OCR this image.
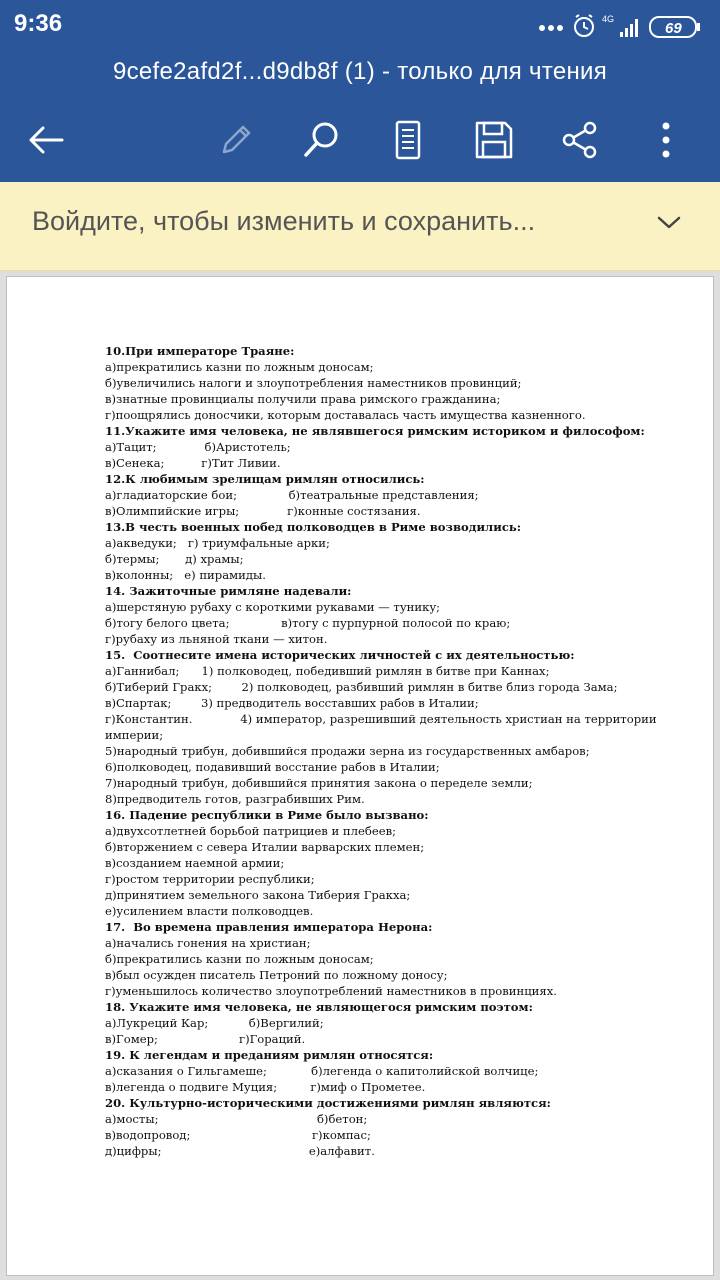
9:36	4G
69
9cefe2afd2f...d9db8f (1) - только для чтения
Войдите, чтобы изменить и сохранить...
10.При императоре Траяне:
а)прекратились казни по ложным доносам;
б)увеличились налоги и злоупотребления наместников провинций;
в)знатные провинциалы получили права римского гражданина;
г)поощрялись доносчики, которым доставалась часть имущества казненного.
11.Укажите имя человека, не являвшегося римским историком и философом:
а)Тацит;             б)Аристотель;
в)Сенека;          г)Тит Ливии.
12.К любимым зрелищам римлян относились:
а)гладиаторские бои;              б)театральные представления;
в)Олимпийские игры;             г)конные состязания.
13.В честь военных побед полководцев в Риме возводились:
а)акведуки;   г) триумфальные арки;
б)термы;       д) храмы;
в)колонны;   е) пирамиды.
14. Зажиточные римляне надевали:
а)шерстяную рубаху с короткими рукавами — тунику;
б)тогу белого цвета;              в)тогу с пурпурной полосой по краю;
г)рубаху из льняной ткани — хитон.
15.  Соотнесите имена исторических личностей с их деятельностью:
а)Ганнибал;      1) полководец, победивший римлян в битве при Каннах;
б)Тиберий Гракх;        2) полководец, разбивший римлян в битве близ города Зама;
в)Спартак;        3) предводитель восставших рабов в Италии;
г)Константин.             4) император, разрешивший деятельность христиан на территории
империи;
5)народный трибун, добившийся продажи зерна из государственных амбаров;
6)полководец, подавивший восстание рабов в Италии;
7)народный трибун, добившийся принятия закона о переделе земли;
8)предводитель готов, разграбивших Рим.
16. Падение республики в Риме было вызвано:
а)двухсотлетней борьбой патрициев и плебеев;
б)вторжением с севера Италии варварских племен;
в)созданием наемной армии;
г)ростом территории республики;
д)принятием земельного закона Тиберия Гракха;
е)усилением власти полководцев.
17.  Во времена правления императора Нерона:
а)начались гонения на христиан;
б)прекратились казни по ложным доносам;
в)был осужден писатель Петроний по ложному доносу;
г)уменьшилось количество злоупотреблений наместников в провинциях.
18. Укажите имя человека, не являющегося римским поэтом:
а)Лукреций Кар;           б)Вергилий;
в)Гомер;                      г)Гораций.
19. К легендам и преданиям римлян относятся:
а)сказания о Гильгамеше;            б)легенда о капитолийской волчице;
в)легенда о подвиге Муция;         г)миф о Прометее.
20. Культурно-историческими достижениями римлян являются:
а)мосты;                                           б)бетон;
в)водопровод;                                 г)компас;
д)цифры;                                        е)алфавит.
